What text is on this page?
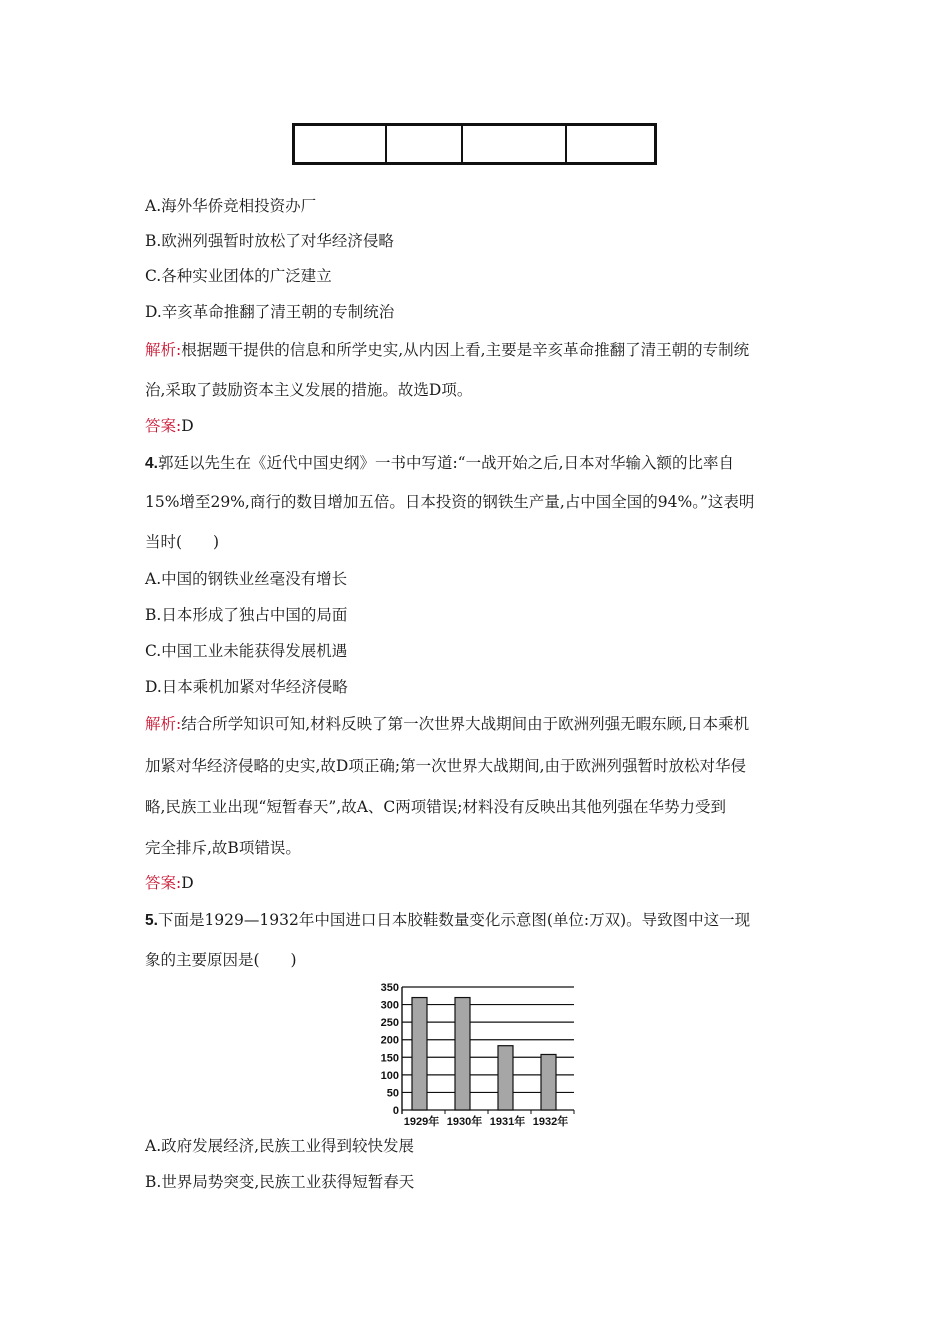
A.海外华侨竞相投资办厂
B.欧洲列强暂时放松了对华经济侵略
C.各种实业团体的广泛建立
D.辛亥革命推翻了清王朝的专制统治
解析:根据题干提供的信息和所学史实,从内因上看,主要是辛亥革命推翻了清王朝的专制统
治,采取了鼓励资本主义发展的措施。故选D项。
答案:D
4.郭廷以先生在《近代中国史纲》一书中写道:“一战开始之后,日本对华输入额的比率自
15%增至29%,商行的数目增加五倍。日本投资的钢铁生产量,占中国全国的94%。”这表明
当时(　　)
A.中国的钢铁业丝毫没有增长
B.日本形成了独占中国的局面
C.中国工业未能获得发展机遇
D.日本乘机加紧对华经济侵略
解析:结合所学知识可知,材料反映了第一次世界大战期间由于欧洲列强无暇东顾,日本乘机
加紧对华经济侵略的史实,故D项正确;第一次世界大战期间,由于欧洲列强暂时放松对华侵
略,民族工业出现“短暂春天”,故A、C两项错误;材料没有反映出其他列强在华势力受到
完全排斥,故B项错误。
答案:D
5.下面是1929—1932年中国进口日本胶鞋数量变化示意图(单位:万双)。导致图中这一现
象的主要原因是(　　)
0
50
100
150
200
250
300
350
1929年 1930年 1931年 1932年
A.政府发展经济,民族工业得到较快发展
B.世界局势突变,民族工业获得短暂春天
